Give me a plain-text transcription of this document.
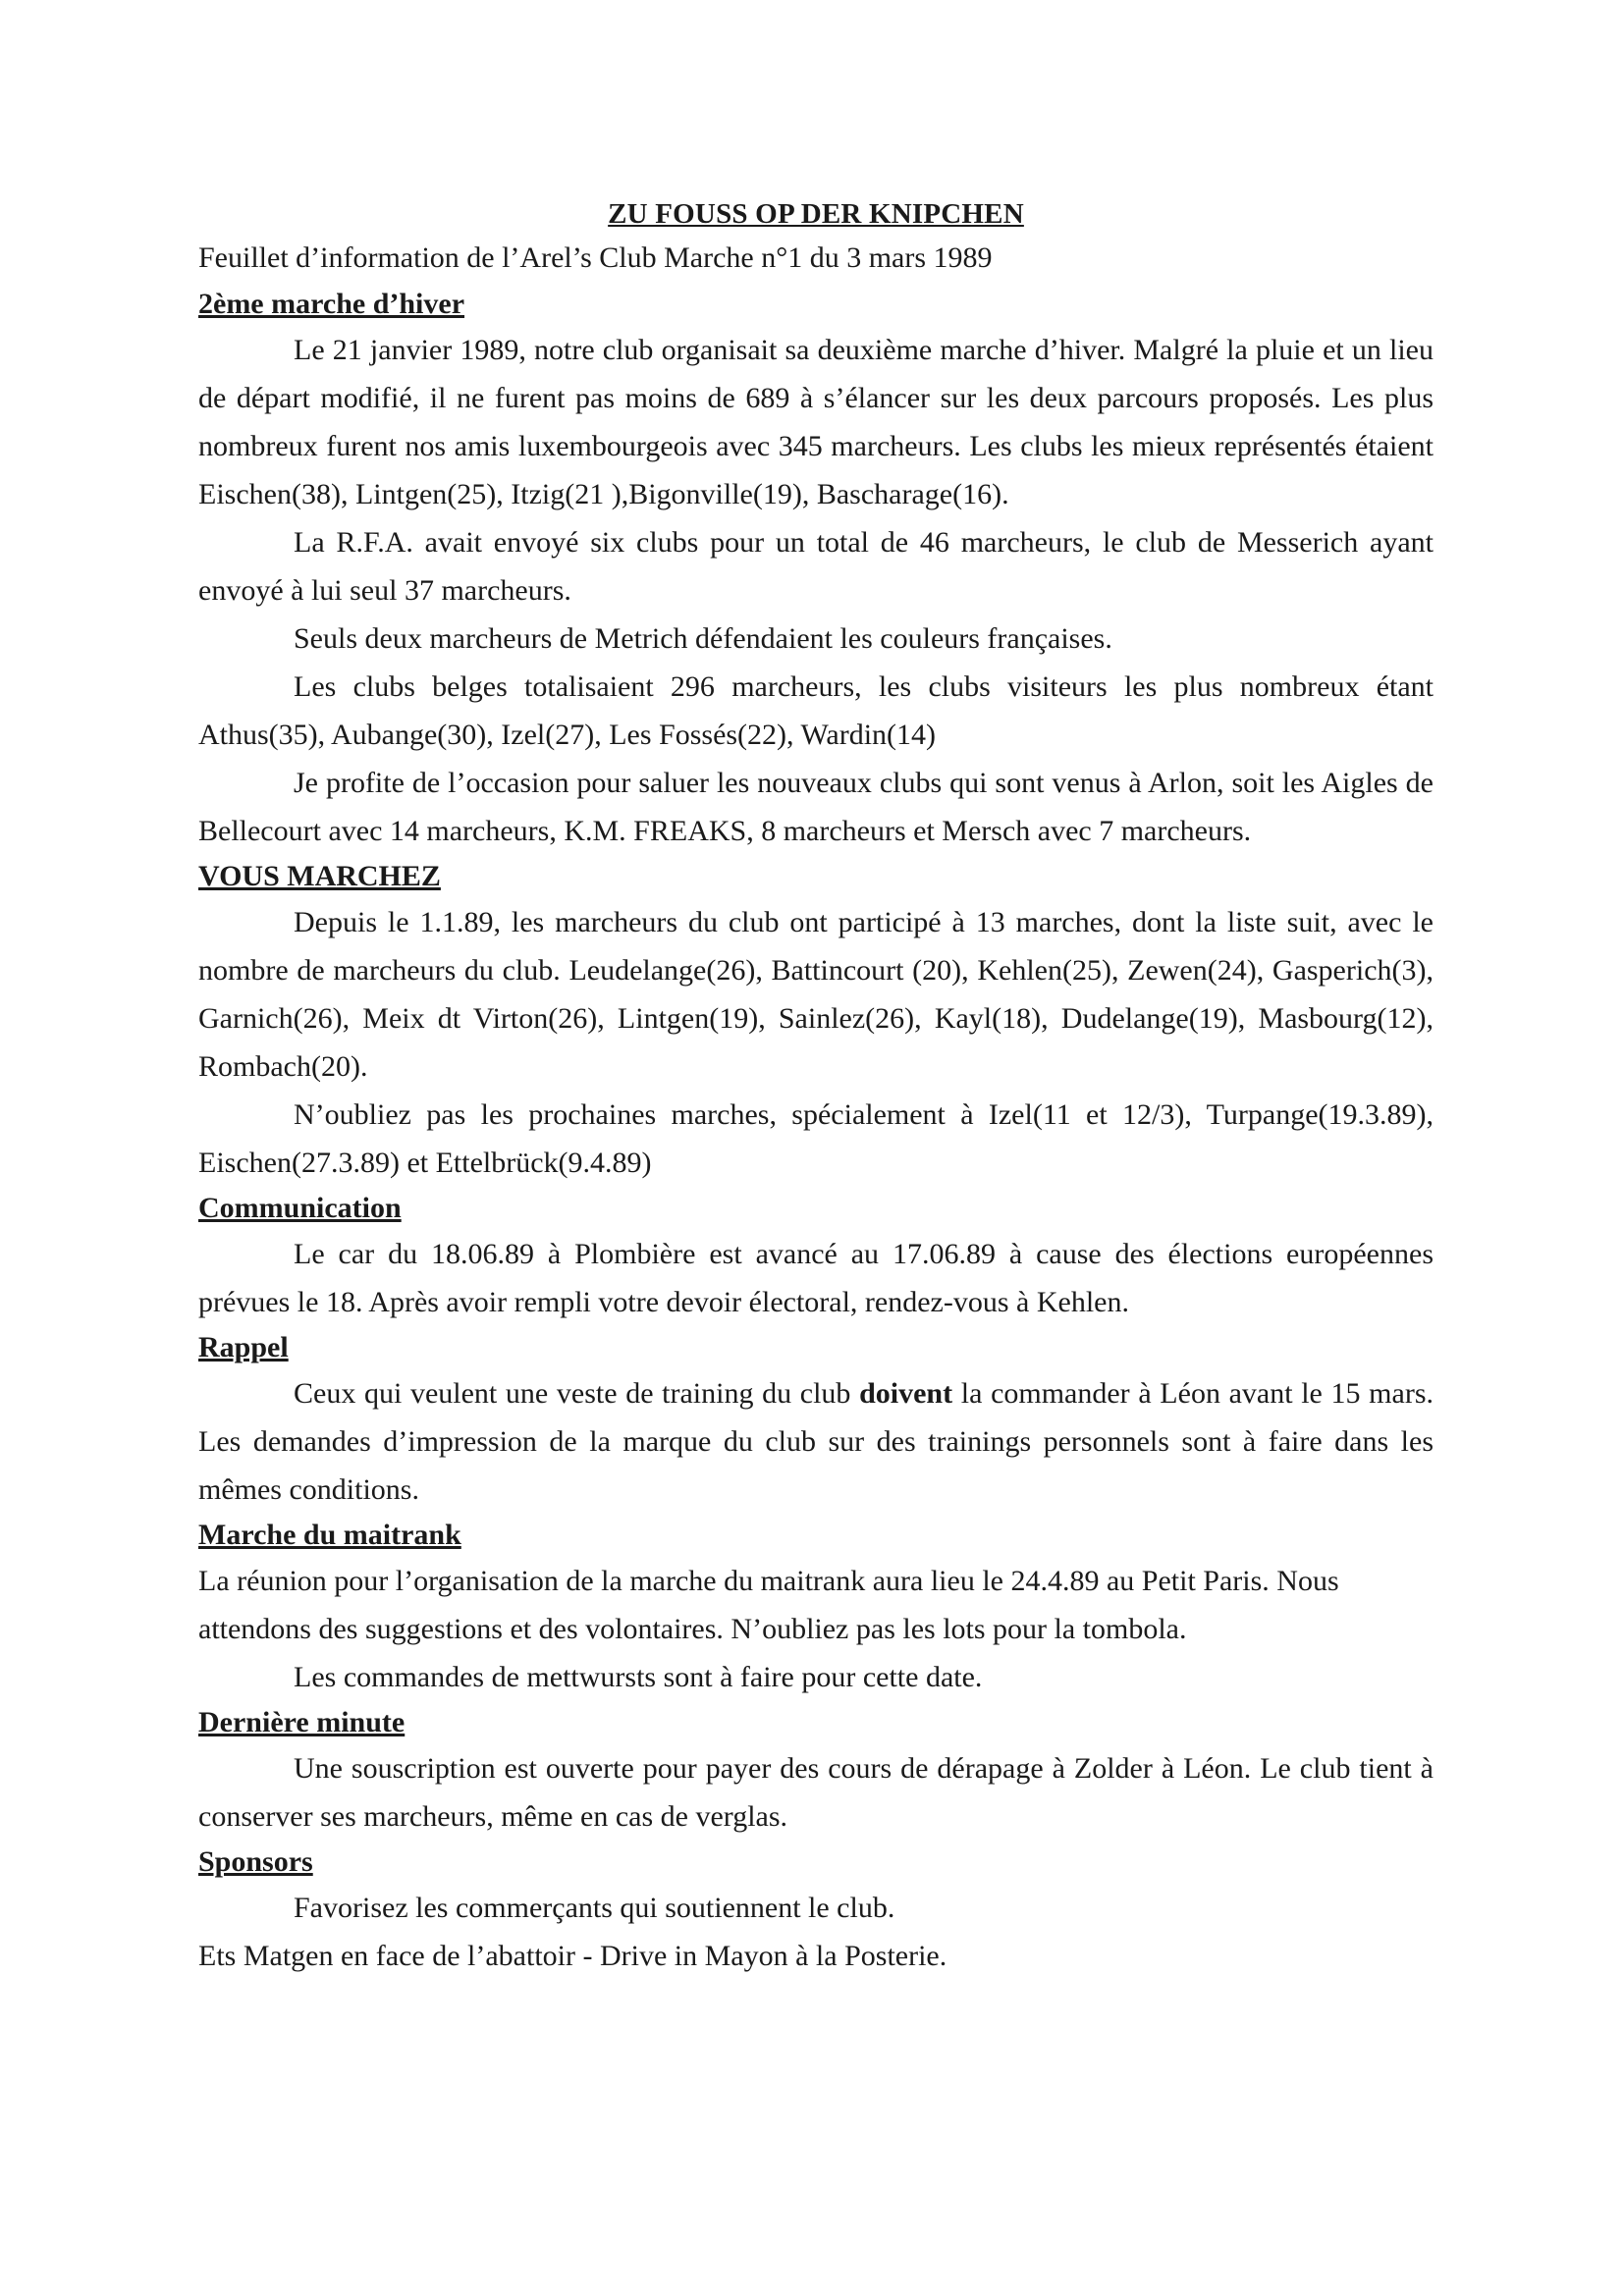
ZU FOUSS OP DER KNIPCHEN

Feuillet d’information de l’Arel’s Club Marche n°1 du 3 mars 1989

2ème marche d’hiver

Le 21 janvier 1989, notre club organisait sa deuxième marche d’hiver. Malgré la pluie et un lieu de départ modifié, il ne furent pas moins de 689 à s’élancer sur les deux parcours proposés. Les plus nombreux furent nos amis luxembourgeois avec 345 marcheurs. Les clubs les mieux représentés étaient Eischen(38), Lintgen(25), Itzig(21 ),Bigonville(19), Bascharage(16).

La R.F.A. avait envoyé six clubs pour un total de 46 marcheurs, le club de Messerich ayant envoyé à lui seul 37 marcheurs.

Seuls deux marcheurs de Metrich défendaient les couleurs françaises.

Les clubs belges totalisaient 296 marcheurs, les clubs visiteurs les plus nombreux étant Athus(35), Aubange(30), Izel(27), Les Fossés(22), Wardin(14)

Je profite de l’occasion pour saluer les nouveaux clubs qui sont venus à Arlon, soit les Aigles de Bellecourt avec 14 marcheurs, K.M. FREAKS, 8 marcheurs et Mersch avec 7 marcheurs.

VOUS MARCHEZ

Depuis le 1.1.89, les marcheurs du club ont participé à 13 marches, dont la liste suit, avec le nombre de marcheurs du club. Leudelange(26), Battincourt (20), Kehlen(25), Zewen(24), Gasperich(3), Garnich(26), Meix dt Virton(26), Lintgen(19), Sainlez(26), Kayl(18), Dudelange(19), Masbourg(12), Rombach(20).

N’oubliez pas les prochaines marches, spécialement à Izel(11 et 12/3), Turpange(19.3.89), Eischen(27.3.89) et Ettelbrück(9.4.89)

Communication

Le car du 18.06.89 à Plombière est avancé au 17.06.89 à cause des élections européennes prévues le 18. Après avoir rempli votre devoir électoral, rendez-vous à Kehlen.

Rappel

Ceux qui veulent une veste de training du club doivent la commander à Léon avant le 15 mars. Les demandes d’impression de la marque du club sur des trainings personnels sont à faire dans les mêmes conditions.

Marche du maitrank

La réunion pour l’organisation de la marche du maitrank aura lieu le 24.4.89 au Petit Paris. Nous attendons des suggestions et des volontaires. N’oubliez pas les lots pour la tombola.

Les commandes de mettwursts sont à faire pour cette date.

Dernière minute

Une souscription est ouverte pour payer des cours de dérapage à Zolder à Léon. Le club tient à conserver ses marcheurs, même en cas de verglas.

Sponsors

Favorisez les commerçants qui soutiennent le club.

Ets Matgen en face de l’abattoir - Drive in Mayon à la Posterie.
